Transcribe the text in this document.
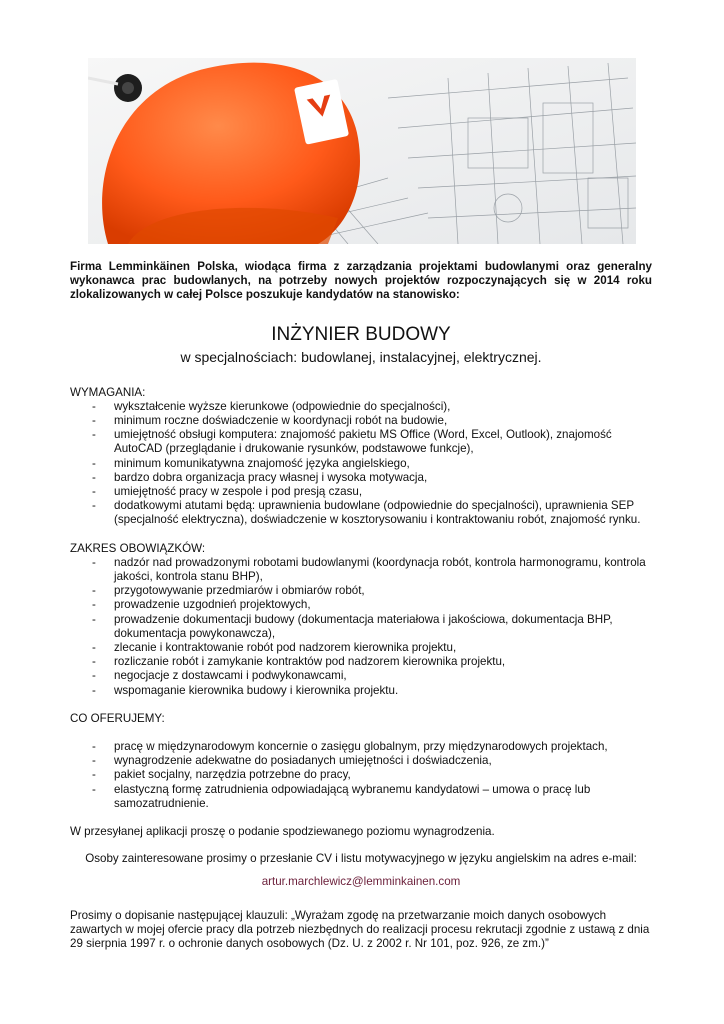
Firma Lemminkäinen Polska, wiodąca firma z zarządzania projektami budowlanymi oraz generalny wykonawca prac budowlanych, na potrzeby nowych projektów rozpoczynających się w 2014 roku zlokalizowanych w całej Polsce poszukuje kandydatów na stanowisko:

INŻYNIER BUDOWY
w specjalnościach: budowlanej, instalacyjnej, elektrycznej.
WYMAGANIA:
- wykształcenie wyższe kierunkowe (odpowiednie do specjalności),
- minimum roczne doświadczenie w koordynacji robót na budowie,
- umiejętność obsługi komputera: znajomość pakietu MS Office (Word, Excel, Outlook), znajomość AutoCAD (przeglądanie i drukowanie rysunków, podstawowe funkcje),
- minimum komunikatywna znajomość języka angielskiego,
- bardzo dobra organizacja pracy własnej i wysoka motywacja,
- umiejętność pracy w zespole i pod presją czasu,
- dodatkowymi atutami będą: uprawnienia budowlane (odpowiednie do specjalności), uprawnienia SEP (specjalność elektryczna), doświadczenie w kosztorysowaniu i kontraktowaniu robót, znajomość rynku.
ZAKRES OBOWIĄZKÓW:
- nadzór nad prowadzonymi robotami budowlanymi (koordynacja robót, kontrola harmonogramu, kontrola jakości, kontrola stanu BHP),
- przygotowywanie przedmiarów i obmiarów robót,
- prowadzenie uzgodnień projektowych,
- prowadzenie dokumentacji budowy (dokumentacja materiałowa i jakościowa, dokumentacja BHP, dokumentacja powykonawcza),
- zlecanie i kontraktowanie robót pod nadzorem kierownika projektu,
- rozliczanie robót i zamykanie kontraktów pod nadzorem kierownika projektu,
- negocjacje z dostawcami i podwykonawcami,
- wspomaganie kierownika budowy i kierownika projektu.
CO OFERUJEMY:
- pracę w międzynarodowym koncernie o zasięgu globalnym, przy międzynarodowych projektach,
- wynagrodzenie adekwatne do posiadanych umiejętności i doświadczenia,
- pakiet socjalny, narzędzia potrzebne do pracy,
- elastyczną formę zatrudnienia odpowiadającą wybranemu kandydatowi – umowa o pracę lub samozatrudnienie.
W przesyłanej aplikacji proszę o podanie spodziewanego poziomu wynagrodzenia.
Osoby zainteresowane prosimy o przesłanie CV i listu motywacyjnego w języku angielskim na adres e-mail:
artur.marchlewicz@lemminkainen.com
Prosimy o dopisanie następującej klauzuli: „Wyrażam zgodę na przetwarzanie moich danych osobowych zawartych w mojej ofercie pracy dla potrzeb niezbędnych do realizacji procesu rekrutacji zgodnie z ustawą z dnia 29 sierpnia 1997 r. o ochronie danych osobowych (Dz. U. z 2002 r. Nr 101, poz. 926, ze zm.)”
